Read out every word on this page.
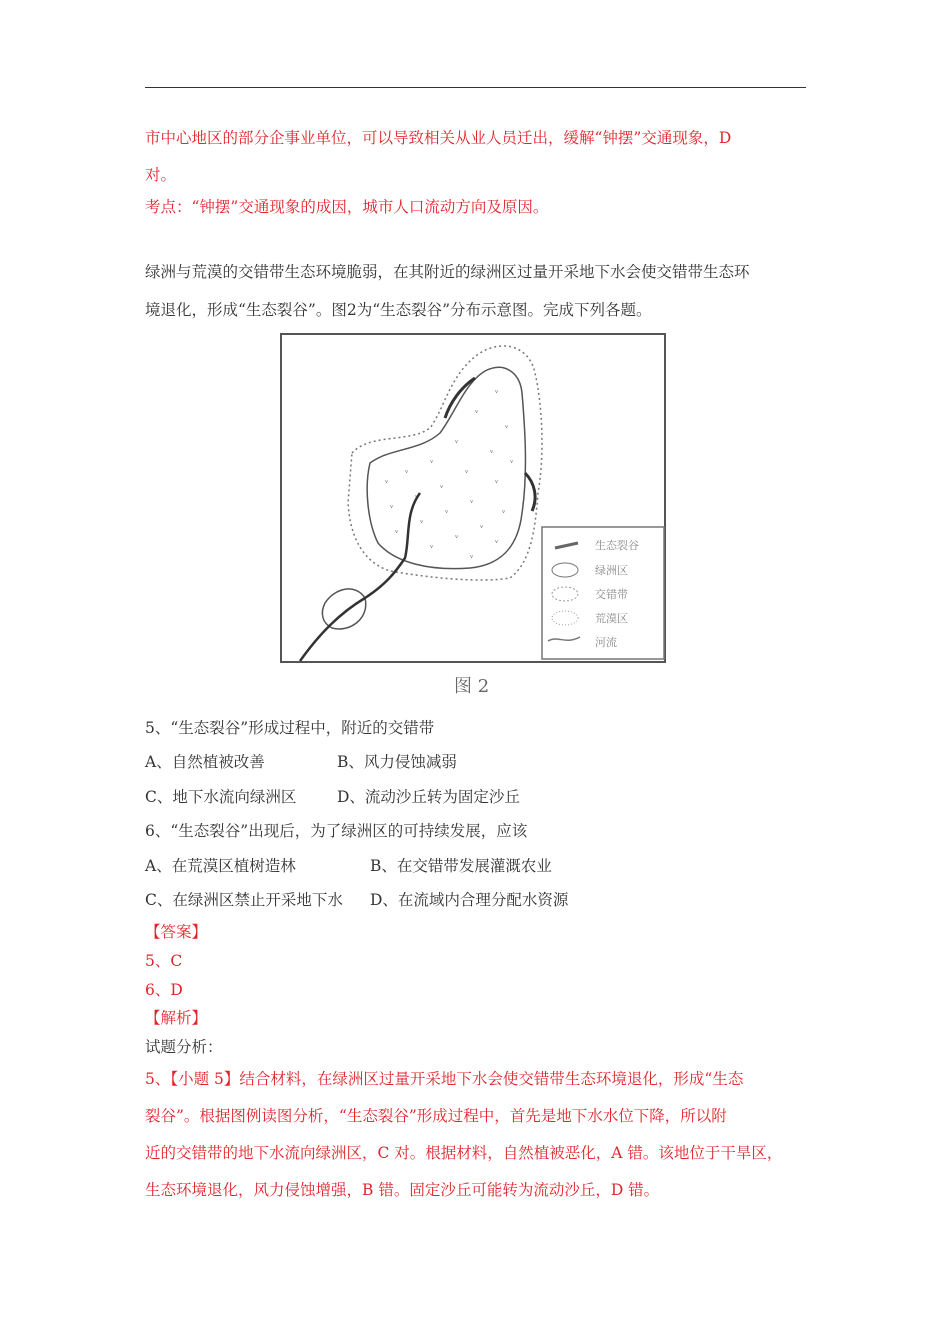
市中心地区的部分企事业单位，可以导致相关从业人员迁出，缓解“钟摆”交通现象，D
对。
考点：“钟摆”交通现象的成因，城市人口流动方向及原因。
绿洲与荒漠的交错带生态环境脆弱，在其附近的绿洲区过量开采地下水会使交错带生态环
境退化，形成“生态裂谷”。图2为“生态裂谷”分布示意图。完成下列各题。
ᵥ
ᵥ
ᵥ
ᵥ
ᵥ
ᵥ
ᵥ
ᵥ
ᵥ
ᵥ
ᵥ
ᵥ
ᵥ
ᵥ
ᵥ
ᵥ
ᵥ
ᵥ
ᵥ
ᵥ
ᵥ
ᵥ
ᵥ
ᵥ	生态裂谷
绿洲区
交错带
荒漠区
河流
图 2
5、“生态裂谷”形成过程中，附近的交错带
A、自然植被改善	B、风力侵蚀减弱
C、地下水流向绿洲区	D、流动沙丘转为固定沙丘
6、“生态裂谷”出现后，为了绿洲区的可持续发展，应该
A、在荒漠区植树造林	B、在交错带发展灌溉农业
C、在绿洲区禁止开采地下水 D、在流域内合理分配水资源
【答案】
5、C
6、D
【解析】
试题分析：
5、【小题 5】结合材料，在绿洲区过量开采地下水会使交错带生态环境退化，形成“生态
裂谷”。根据图例读图分析，“生态裂谷”形成过程中，首先是地下水水位下降，所以附
近的交错带的地下水流向绿洲区，C 对。根据材料，自然植被恶化，A 错。该地位于干旱区，
生态环境退化，风力侵蚀增强，B 错。固定沙丘可能转为流动沙丘，D 错。
